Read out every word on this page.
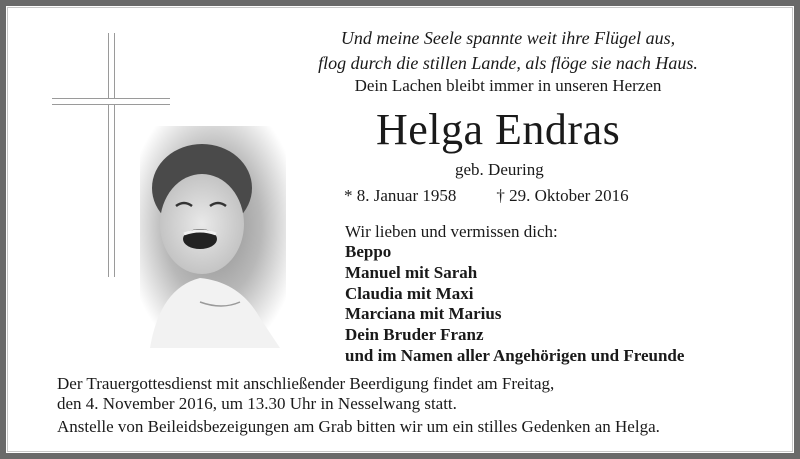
Und meine Seele spannte weit ihre Flügel aus,
flog durch die stillen Lande, als flöge sie nach Haus.
Dein Lachen bleibt immer in unseren Herzen
Helga Endras
geb. Deuring
* 8. Januar 1958 † 29. Oktober 2016
Wir lieben und vermissen dich:
Beppo
Manuel mit Sarah
Claudia mit Maxi
Marciana mit Marius
Dein Bruder Franz
und im Namen aller Angehörigen und Freunde
Der Trauergottesdienst mit anschließender Beerdigung findet am Freitag,
den 4. November 2016, um 13.30 Uhr in Nesselwang statt.
Anstelle von Beileidsbezeigungen am Grab bitten wir um ein stilles Gedenken an Helga.
